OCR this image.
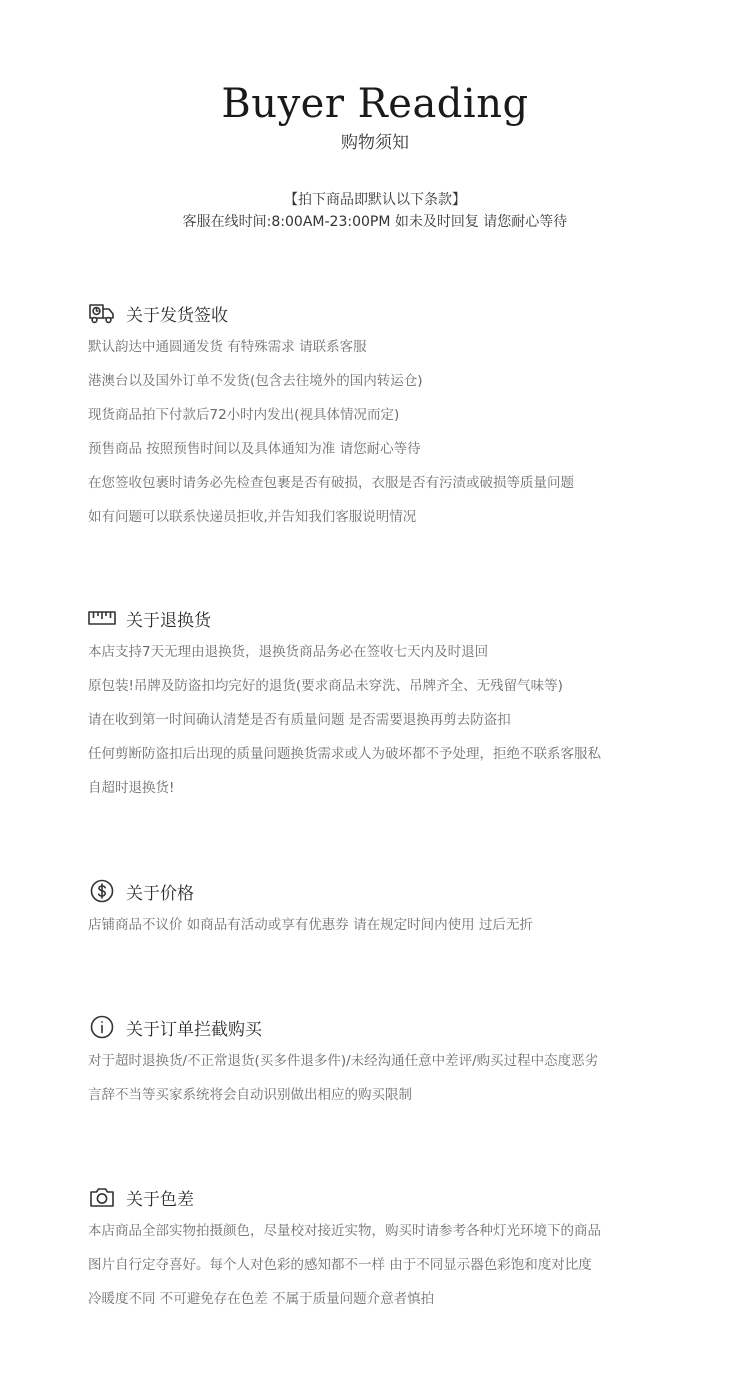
Buyer Reading
购物须知
【拍下商品即默认以下条款】
客服在线时间:8:00AM-23:00PM 如未及时回复 请您耐心等待
关于发货签收
默认韵达中通圆通发货 有特殊需求 请联系客服
港澳台以及国外订单不发货(包含去往境外的国内转运仓)
现货商品拍下付款后72小时内发出(视具体情况而定)
预售商品 按照预售时间以及具体通知为准 请您耐心等待
在您签收包裹时请务必先检查包裹是否有破损，衣服是否有污渍或破损等质量问题
如有问题可以联系快递员拒收,并告知我们客服说明情况
关于退换货
本店支持7天无理由退换货，退换货商品务必在签收七天内及时退回
原包装!吊牌及防盗扣均完好的退货(要求商品未穿洗、吊牌齐全、无残留气味等)
请在收到第一时间确认清楚是否有质量问题 是否需要退换再剪去防盗扣
任何剪断防盗扣后出现的质量问题换货需求或人为破坏都不予处理，拒绝不联系客服私
自超时退换货!
关于价格
店铺商品不议价 如商品有活动或享有优惠券 请在规定时间内使用 过后无折
关于订单拦截购买
对于超时退换货/不正常退货(买多件退多件)/未经沟通任意中差评/购买过程中态度恶劣
言辞不当等买家系统将会自动识别做出相应的购买限制
关于色差
本店商品全部实物拍摄颜色，尽量校对接近实物，购买时请参考各种灯光环境下的商品
图片自行定夺喜好。每个人对色彩的感知都不一样 由于不同显示器色彩饱和度对比度
冷暖度不同 不可避免存在色差 不属于质量问题介意者慎拍
